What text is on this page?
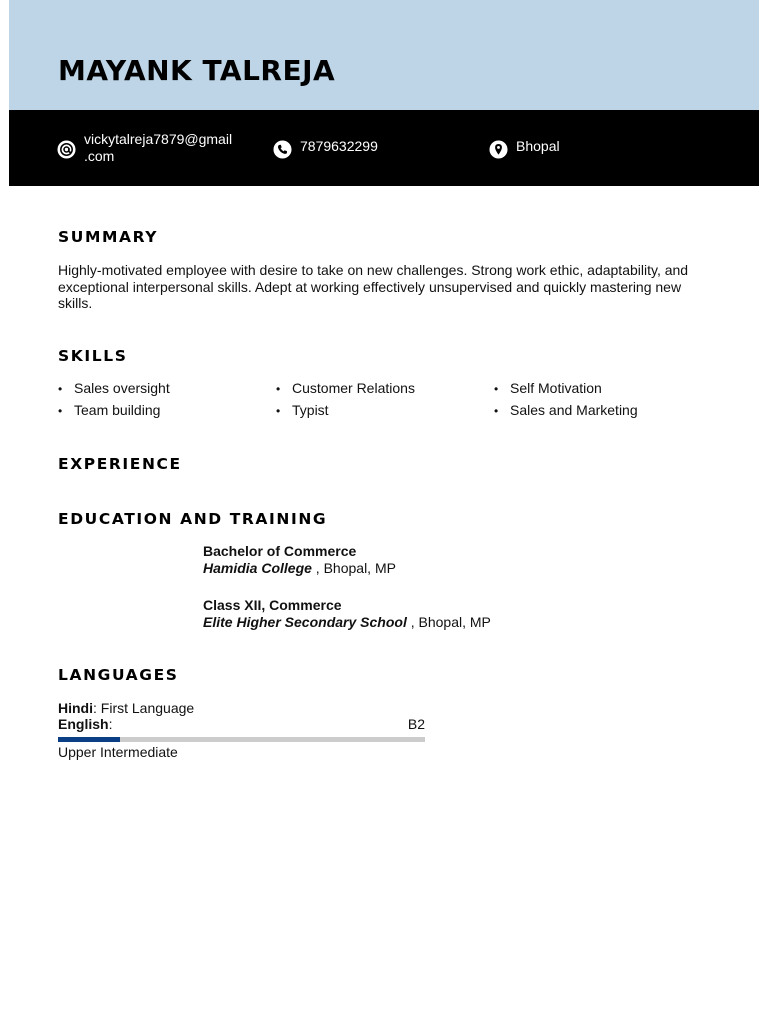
MAYANK TALREJA
vickytalreja7879@gmail
.com
7879632299	Bhopal
SUMMARY

Highly-motivated employee with desire to take on new challenges. Strong work ethic, adaptability, and exceptional interpersonal skills. Adept at working effectively unsupervised and quickly mastering new skills.

SKILLS
• Sales oversight	• Customer Relations	• Self Motivation
• Team building	• Typist	• Sales and Marketing
EXPERIENCE
EDUCATION AND TRAINING
Bachelor of Commerce
Hamidia College , Bhopal, MP
Class XII, Commerce
Elite Higher Secondary School , Bhopal, MP
LANGUAGES
Hindi: First Language
English:	B2
Upper Intermediate
